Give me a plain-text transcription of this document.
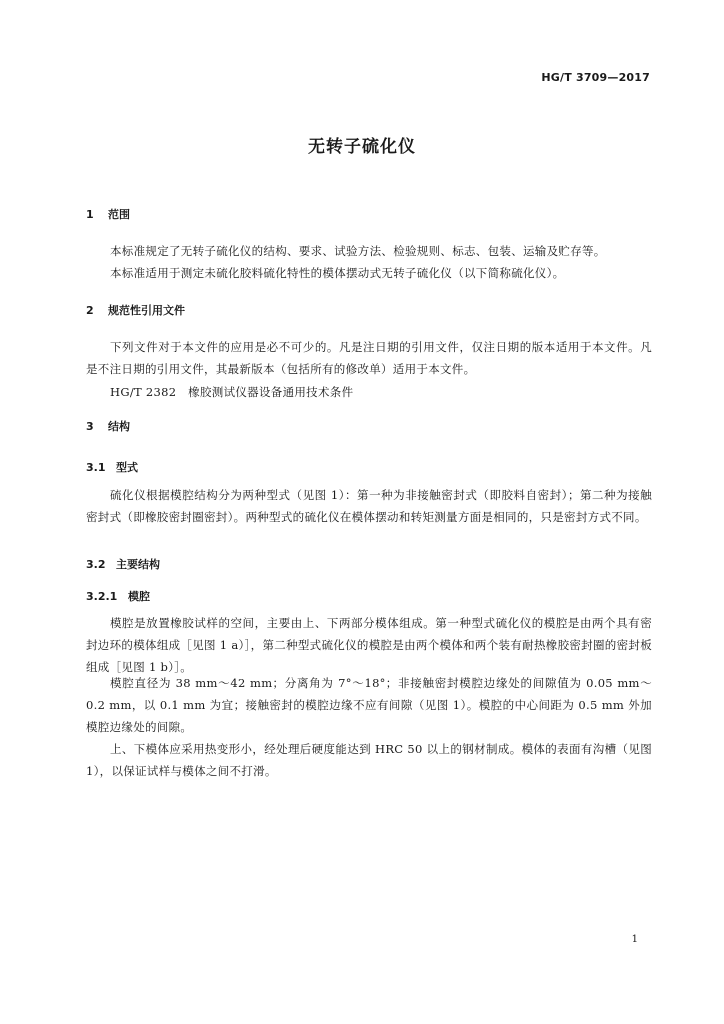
HG/T 3709—2017
无转子硫化仪
1 范围
本标准规定了无转子硫化仪的结构、要求、试验方法、检验规则、标志、包装、运输及贮存等。
本标准适用于测定未硫化胶料硫化特性的模体摆动式无转子硫化仪（以下简称硫化仪）。
2 规范性引用文件
下列文件对于本文件的应用是必不可少的。凡是注日期的引用文件，仅注日期的版本适用于本文件。凡是不注日期的引用文件，其最新版本（包括所有的修改单）适用于本文件。
HG/T 2382　橡胶测试仪器设备通用技术条件
3 结构
3.1 型式
硫化仪根据模腔结构分为两种型式（见图 1）：第一种为非接触密封式（即胶料自密封）；第二种为接触密封式（即橡胶密封圈密封）。两种型式的硫化仪在模体摆动和转矩测量方面是相同的，只是密封方式不同。
3.2 主要结构
3.2.1 模腔
模腔是放置橡胶试样的空间，主要由上、下两部分模体组成。第一种型式硫化仪的模腔是由两个具有密封边环的模体组成［见图 1 a）］，第二种型式硫化仪的模腔是由两个模体和两个装有耐热橡胶密封圈的密封板组成［见图 1 b）］。
模腔直径为 38 mm～42 mm；分离角为 7°～18°；非接触密封模腔边缘处的间隙值为 0.05 mm～0.2 mm，以 0.1 mm 为宜；接触密封的模腔边缘不应有间隙（见图 1）。模腔的中心间距为 0.5 mm 外加模腔边缘处的间隙。
上、下模体应采用热变形小，经处理后硬度能达到 HRC 50 以上的钢材制成。模体的表面有沟槽（见图 1），以保证试样与模体之间不打滑。
1
